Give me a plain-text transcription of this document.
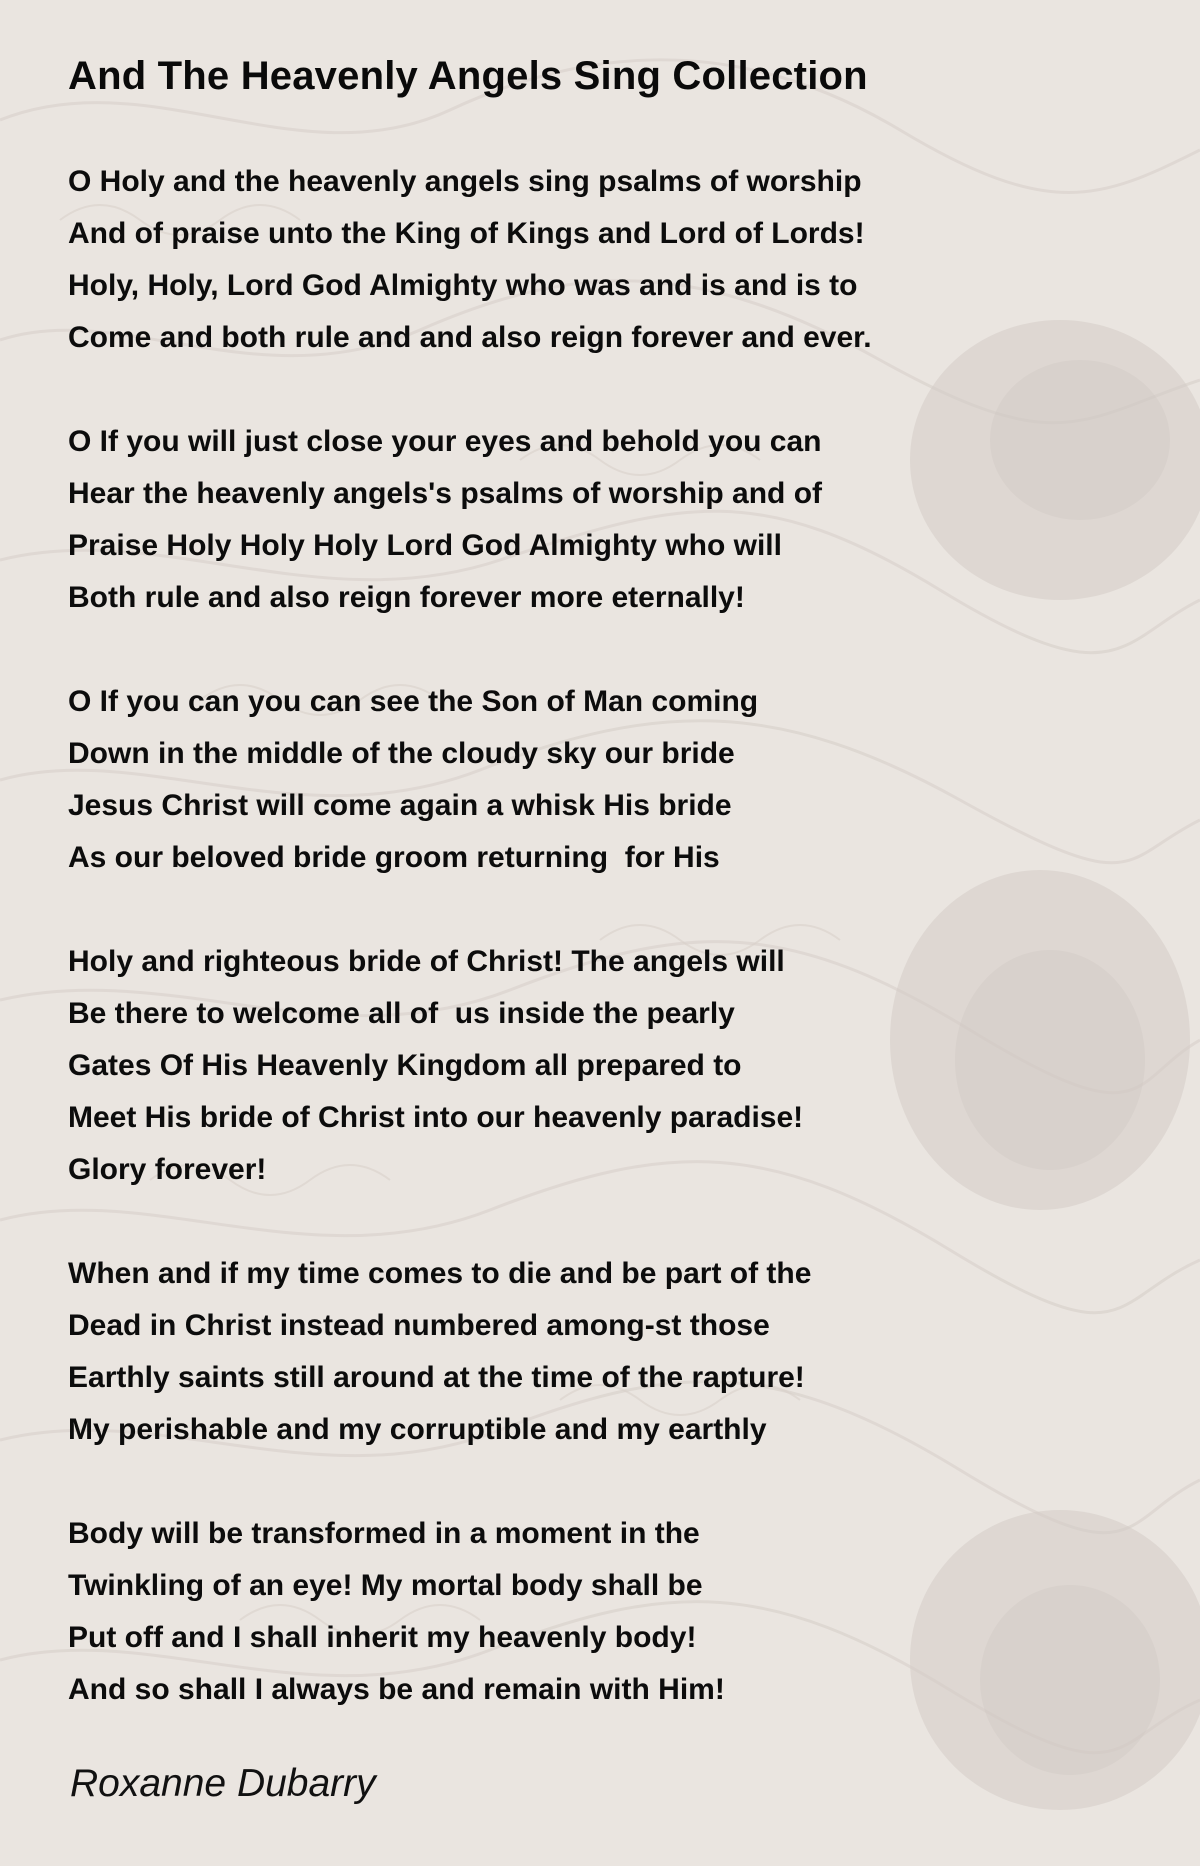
And The Heavenly Angels Sing Collection
O Holy and the heavenly angels sing psalms of worship
And of praise unto the King of Kings and Lord of Lords!
Holy, Holy, Lord God Almighty who was and is and is to
Come and both rule and and also reign forever and ever.
O If you will just close your eyes and behold you can
Hear the heavenly angels's psalms of worship and of
Praise Holy Holy Holy Lord God Almighty who will
Both rule and also reign forever more eternally!
O If you can you can see the Son of Man coming
Down in the middle of the cloudy sky our bride
Jesus Christ will come again a whisk His bride
As our beloved bride groom returning  for His
Holy and righteous bride of Christ! The angels will
Be there to welcome all of  us inside the pearly
Gates Of His Heavenly Kingdom all prepared to
Meet His bride of Christ into our heavenly paradise!
Glory forever!
When and if my time comes to die and be part of the
Dead in Christ instead numbered among-st those
Earthly saints still around at the time of the rapture!
My perishable and my corruptible and my earthly
Body will be transformed in a moment in the
Twinkling of an eye! My mortal body shall be
Put off and I shall inherit my heavenly body!
And so shall I always be and remain with Him!
Roxanne Dubarry
